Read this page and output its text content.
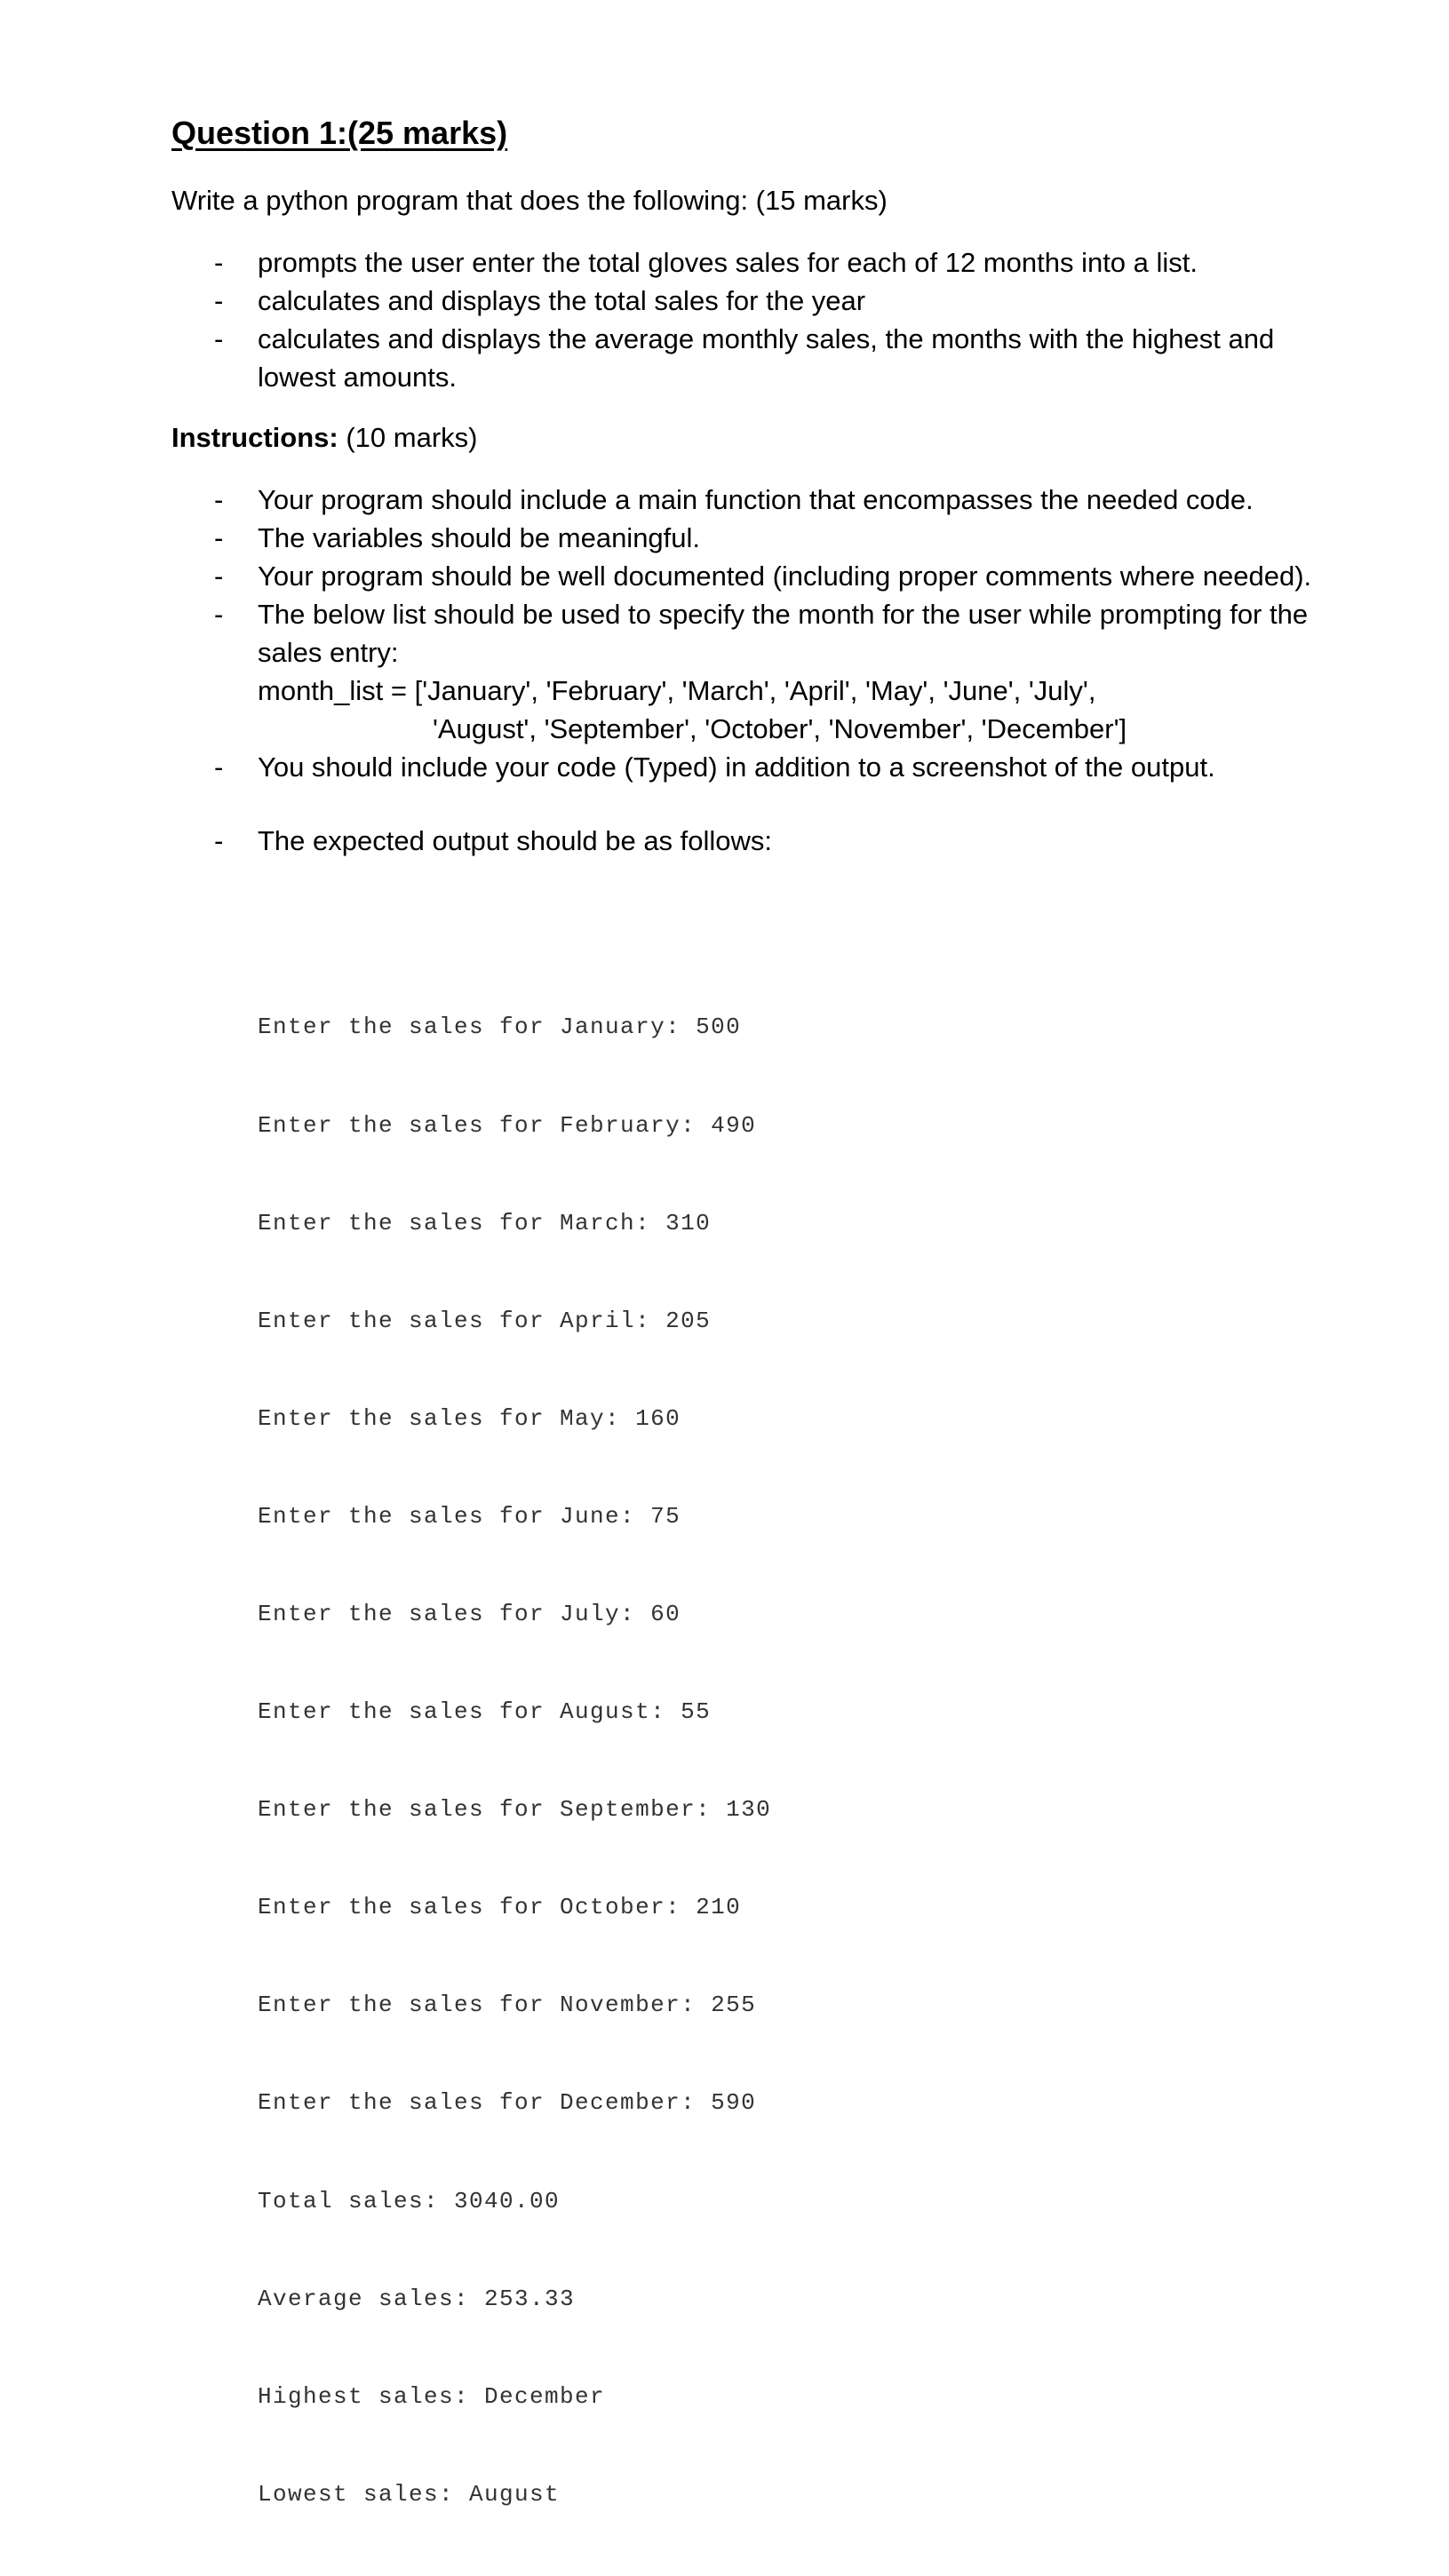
Question 1:(25 marks)
Write a python program that does the following: (15 marks)
- prompts the user enter the total gloves sales for each of 12 months into a list.
- calculates and displays the total sales for the year
- calculates and displays the average monthly sales, the months with the highest and lowest amounts.
Instructions: (10 marks)
- Your program should include a main function that encompasses the needed code.
- The variables should be meaningful.
- Your program should be well documented (including proper comments where needed).
- The below list should be used to specify the month for the user while prompting for the sales entry:
month_list = ['January', 'February', 'March', 'April', 'May', 'June', 'July',
'August', 'September', 'October', 'November', 'December']
- You should include your code (Typed) in addition to a screenshot of the output.
- The expected output should be as follows:

Enter the sales for January: 500

Enter the sales for February: 490

Enter the sales for March: 310

Enter the sales for April: 205

Enter the sales for May: 160

Enter the sales for June: 75

Enter the sales for July: 60

Enter the sales for August: 55

Enter the sales for September: 130

Enter the sales for October: 210

Enter the sales for November: 255

Enter the sales for December: 590

Total sales: 3040.00

Average sales: 253.33

Highest sales: December

Lowest sales: August
